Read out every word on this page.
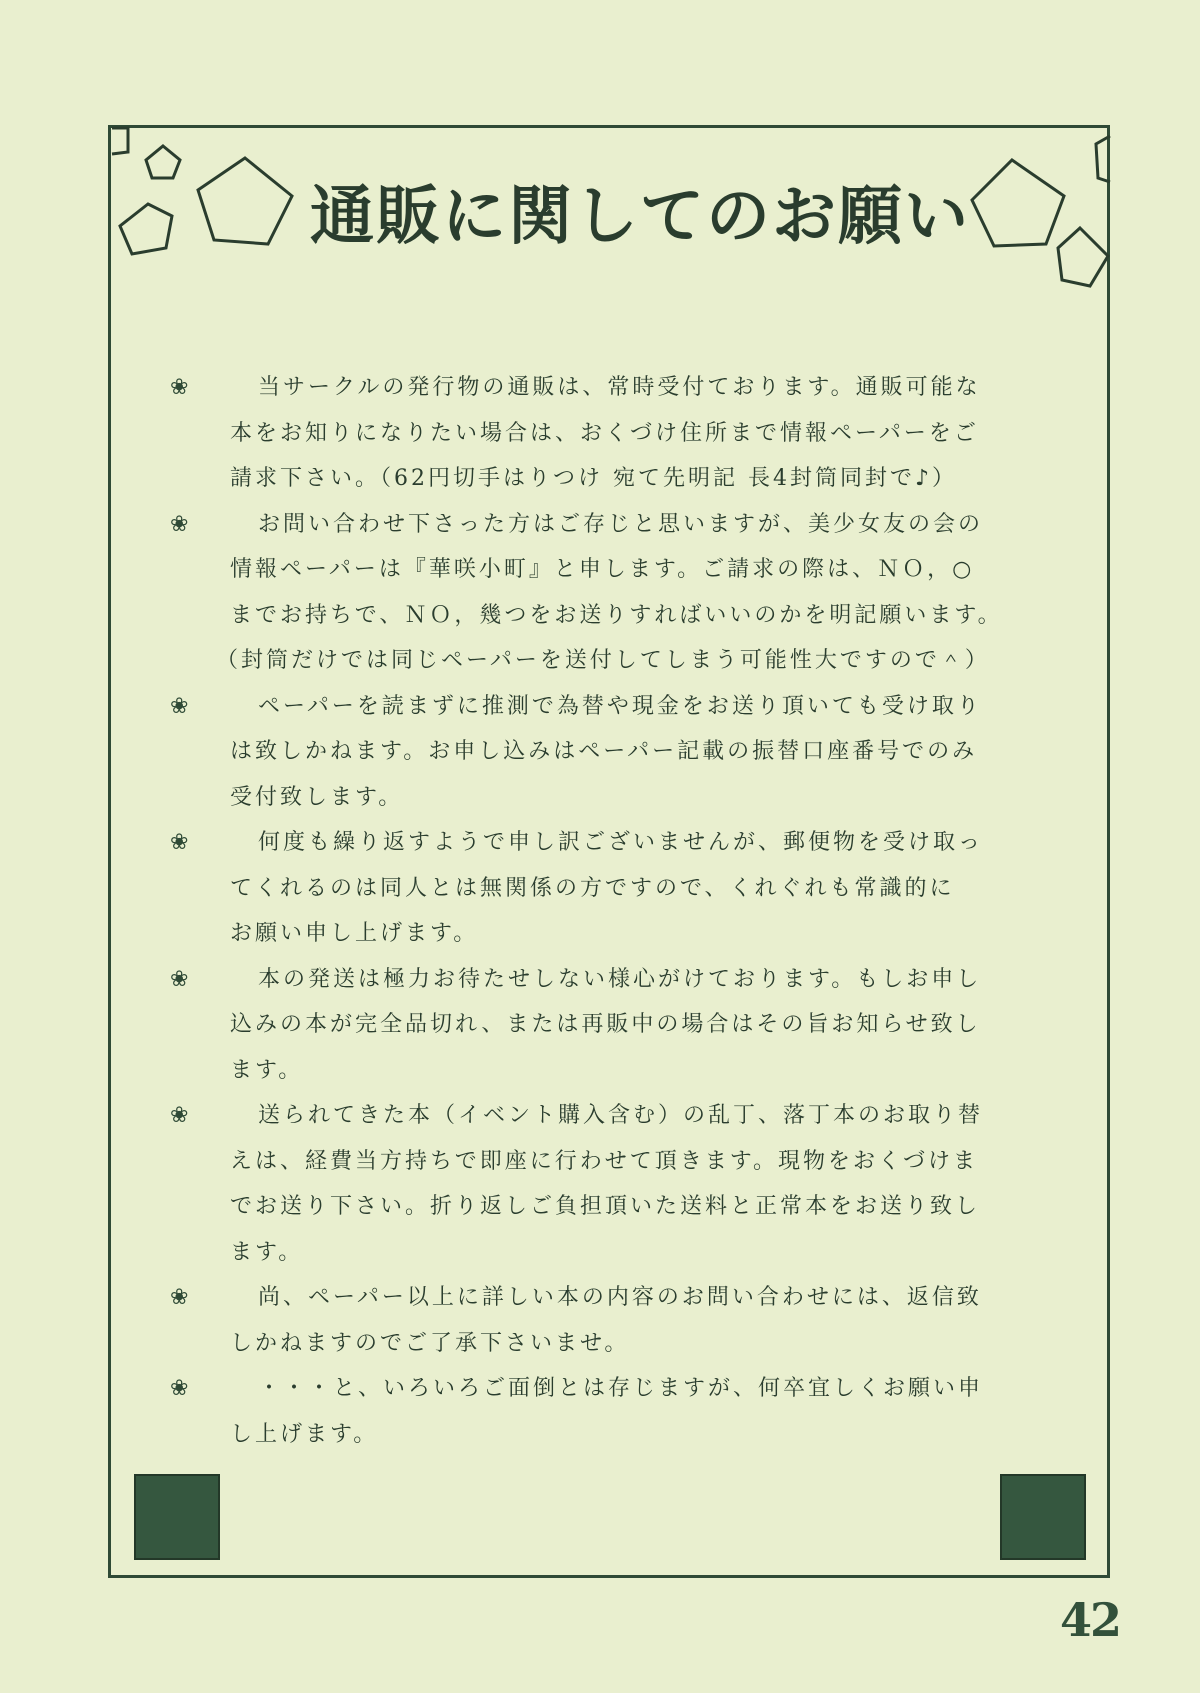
通販に関してのお願い
❀	当サークルの発行物の通販は、常時受付ております。通販可能な
本をお知りになりたい場合は、おくづけ住所まで情報ペーパーをご
請求下さい。（62円切手はりつけ 宛て先明記 長4封筒同封で♪）
❀	お問い合わせ下さった方はご存じと思いますが、美少女友の会の
情報ペーパーは『華咲小町』と申します。ご請求の際は、ＮＯ，○
までお持ちで、ＮＯ，幾つをお送りすればいいのかを明記願います。
（封筒だけでは同じペーパーを送付してしまう可能性大ですので＾）
❀	ペーパーを読まずに推測で為替や現金をお送り頂いても受け取り
は致しかねます。お申し込みはペーパー記載の振替口座番号でのみ
受付致します。
❀	何度も繰り返すようで申し訳ございませんが、郵便物を受け取っ
てくれるのは同人とは無関係の方ですので、くれぐれも常識的に
お願い申し上げます。
❀	本の発送は極力お待たせしない様心がけております。もしお申し
込みの本が完全品切れ、または再販中の場合はその旨お知らせ致し
ます。
❀	送られてきた本（イベント購入含む）の乱丁、落丁本のお取り替
えは、経費当方持ちで即座に行わせて頂きます。現物をおくづけま
でお送り下さい。折り返しご負担頂いた送料と正常本をお送り致し
ます。
❀	尚、ペーパー以上に詳しい本の内容のお問い合わせには、返信致
しかねますのでご了承下さいませ。
❀	・・・と、いろいろご面倒とは存じますが、何卒宜しくお願い申
し上げます。
42
